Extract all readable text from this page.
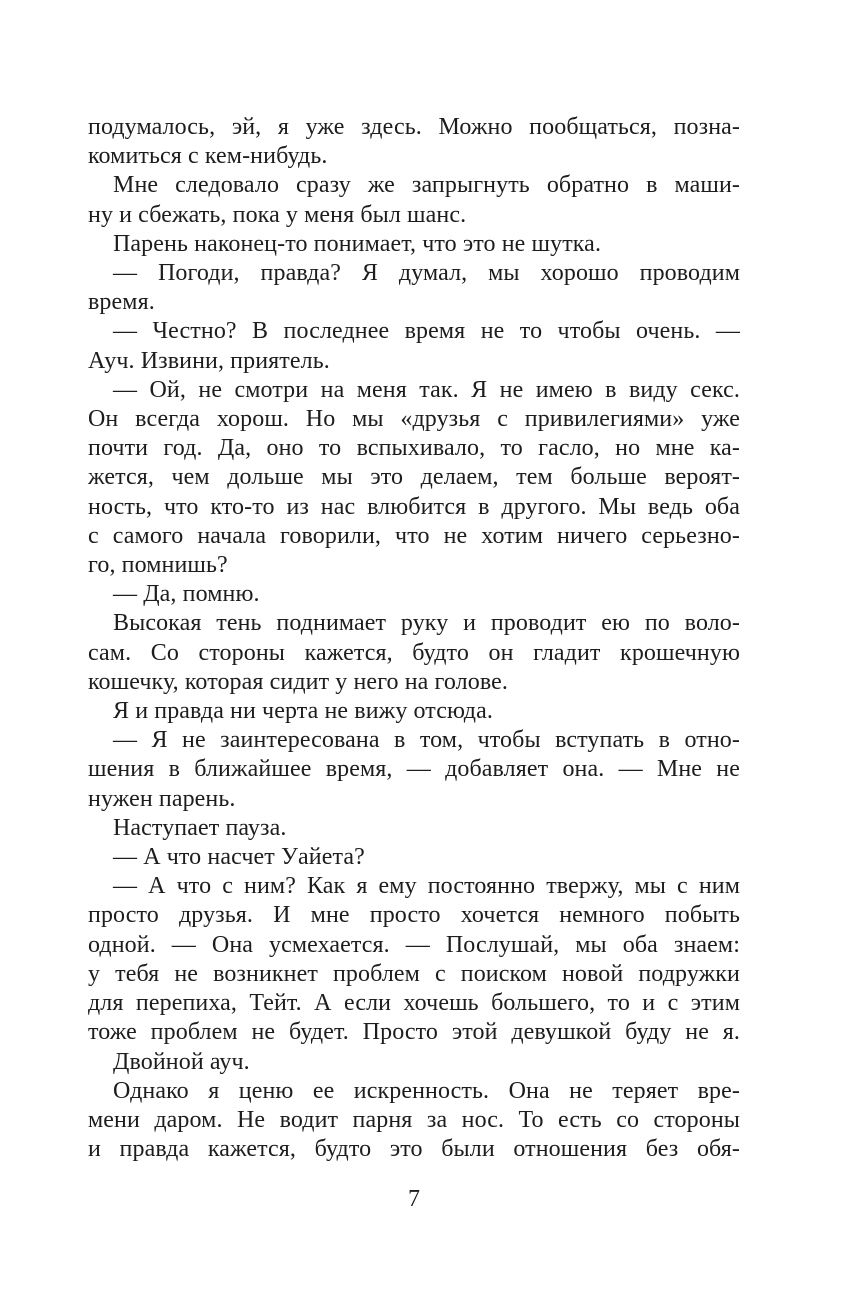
подумалось, эй, я уже здесь. Можно пообщаться, позна-
комиться с кем-нибудь.
Мне следовало сразу же запрыгнуть обратно в маши-
ну и сбежать, пока у меня был шанс.
Парень наконец-то понимает, что это не шутка.
— Погоди, правда? Я думал, мы хорошо проводим
время.
— Честно? В последнее время не то чтобы очень. —
Ауч. Извини, приятель.
— Ой, не смотри на меня так. Я не имею в виду секс.
Он всегда хорош. Но мы «друзья с привилегиями» уже
почти год. Да, оно то вспыхивало, то гасло, но мне ка-
жется, чем дольше мы это делаем, тем больше вероят-
ность, что кто-то из нас влюбится в другого. Мы ведь оба
с самого начала говорили, что не хотим ничего серьезно-
го, помнишь?
— Да, помню.
Высокая тень поднимает руку и проводит ею по воло-
сам. Со стороны кажется, будто он гладит крошечную
кошечку, которая сидит у него на голове.
Я и правда ни черта не вижу отсюда.
— Я не заинтересована в том, чтобы вступать в отно-
шения в ближайшее время, — добавляет она. — Мне не
нужен парень.
Наступает пауза.
— А что насчет Уайета?
— А что с ним? Как я ему постоянно твержу, мы с ним
просто друзья. И мне просто хочется немного побыть
одной. — Она усмехается. — Послушай, мы оба знаем:
у тебя не возникнет проблем с поиском новой подружки
для перепиха, Тейт. А если хочешь большего, то и с этим
тоже проблем не будет. Просто этой девушкой буду не я.
Двойной ауч.
Однако я ценю ее искренность. Она не теряет вре-
мени даром. Не водит парня за нос. То есть со стороны
и правда кажется, будто это были отношения без обя-
7
